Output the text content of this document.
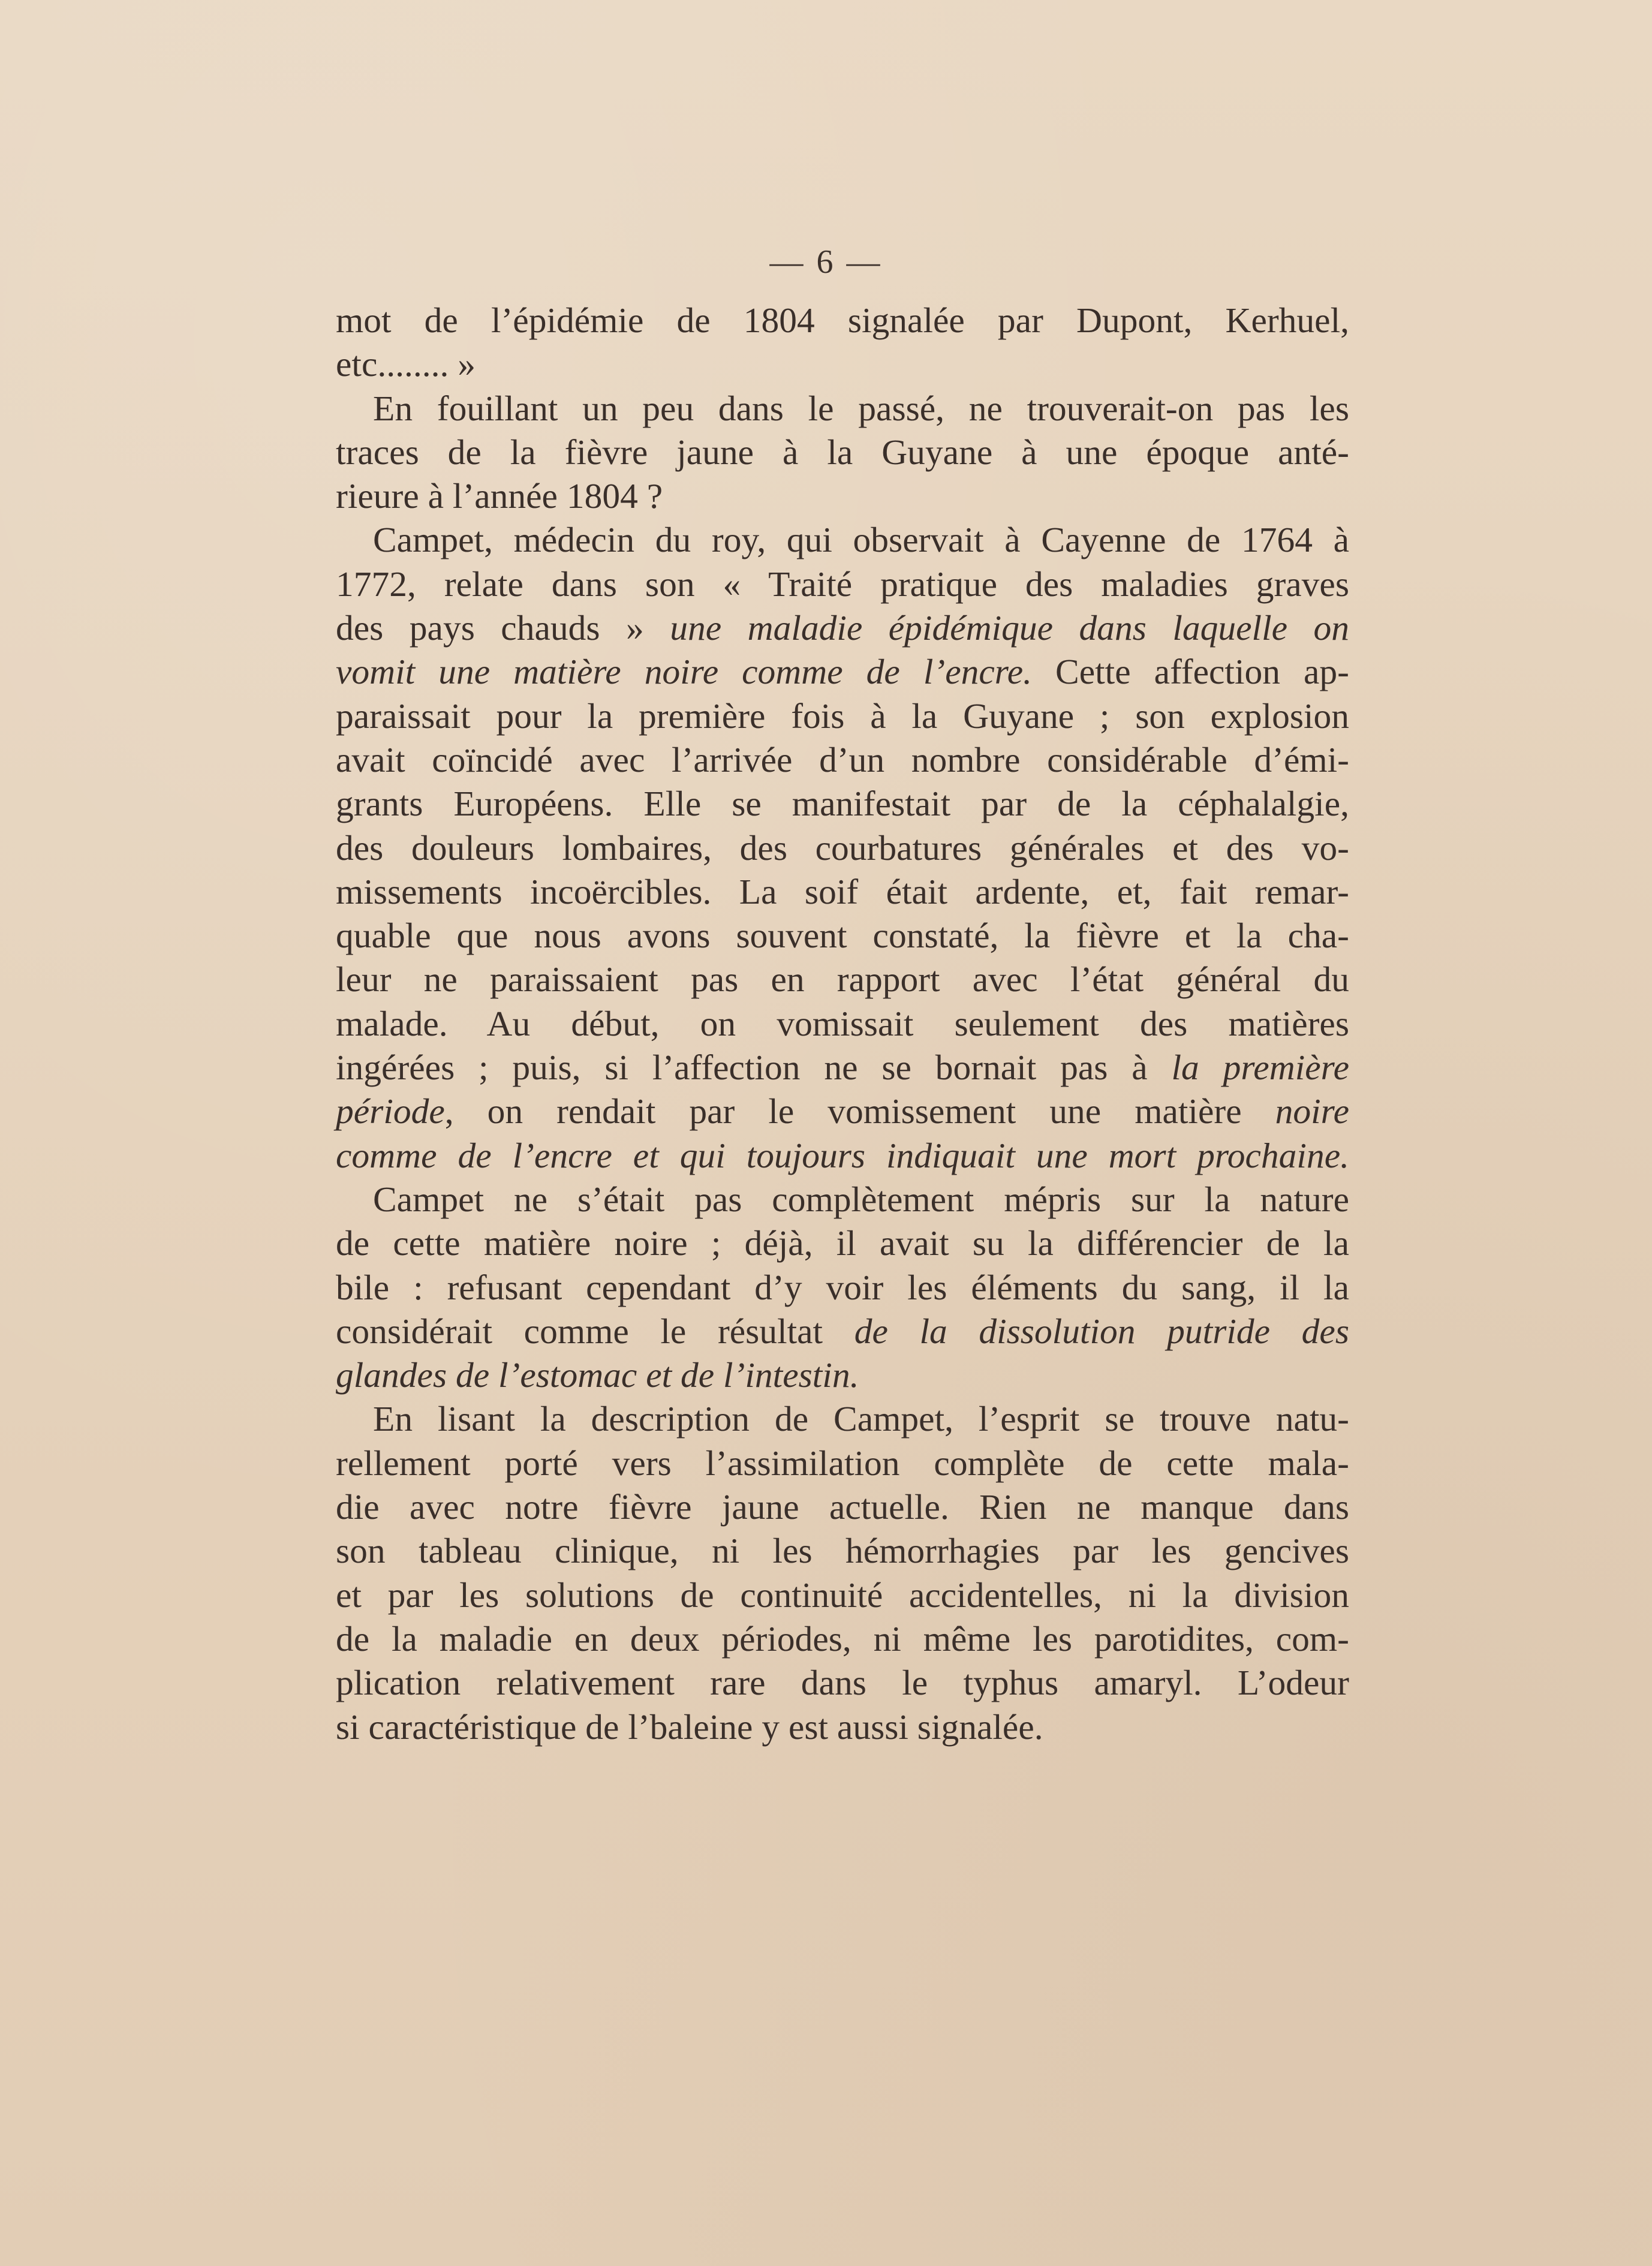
— 6 —
mot de l’épidémie de 1804 signalée par Dupont, Kerhuel,
etc........ »
En fouillant un peu dans le passé, ne trouverait-on pas les
traces de la fièvre jaune à la Guyane à une époque anté-
rieure à l’année 1804 ?
Campet, médecin du roy, qui observait à Cayenne de 1764 à
1772, relate dans son « Traité pratique des maladies graves
des pays chauds » une maladie épidémique dans laquelle on
vomit une matière noire comme de l’encre. Cette affection ap-
paraissait pour la première fois à la Guyane ; son explosion
avait coïncidé avec l’arrivée d’un nombre considérable d’émi-
grants Européens. Elle se manifestait par de la céphalalgie,
des douleurs lombaires, des courbatures générales et des vo-
missements incoërcibles. La soif était ardente, et, fait remar-
quable que nous avons souvent constaté, la fièvre et la cha-
leur ne paraissaient pas en rapport avec l’état général du
malade. Au début, on vomissait seulement des matières
ingérées ; puis, si l’affection ne se bornait pas à la première
période, on rendait par le vomissement une matière noire
comme de l’encre et qui toujours indiquait une mort prochaine.
Campet ne s’était pas complètement mépris sur la nature
de cette matière noire ; déjà, il avait su la différencier de la
bile : refusant cependant d’y voir les éléments du sang, il la
considérait comme le résultat de la dissolution putride des
glandes de l’estomac et de l’intestin.
En lisant la description de Campet, l’esprit se trouve natu-
rellement porté vers l’assimilation complète de cette mala-
die avec notre fièvre jaune actuelle. Rien ne manque dans
son tableau clinique, ni les hémorrhagies par les gencives
et par les solutions de continuité accidentelles, ni la division
de la maladie en deux périodes, ni même les parotidites, com-
plication relativement rare dans le typhus amaryl. L’odeur
si caractéristique de l’baleine y est aussi signalée.
